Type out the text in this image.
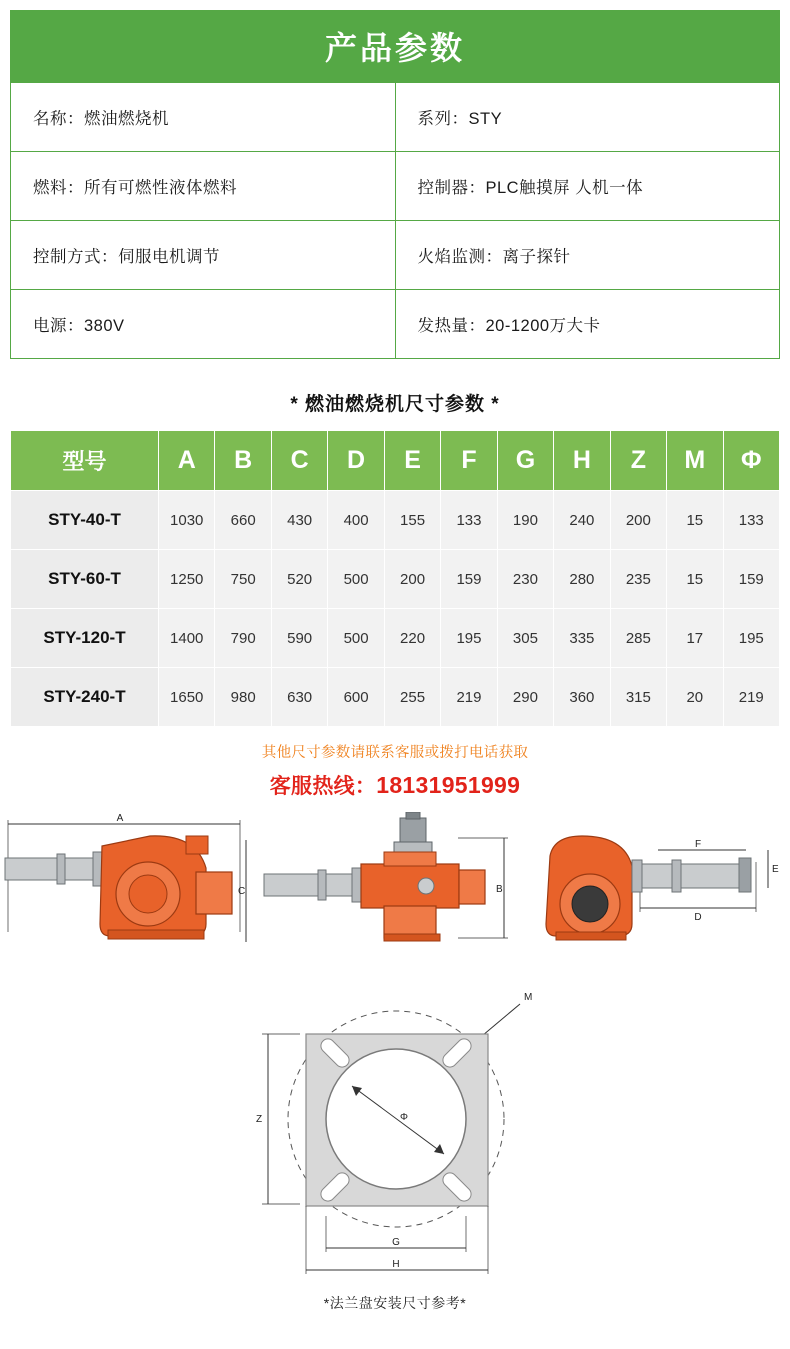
产品参数
名称：燃油燃烧机	系列：STY
燃料：所有可燃性液体燃料	控制器：PLC触摸屏 人机一体
控制方式：伺服电机调节	火焰监测：离子探针
电源：380V	发热量：20-1200万大卡
* 燃油燃烧机尺寸参数 *
型号	A	B	C	D	E	F	G	H	Z	M	Φ
STY-40-T	1030	660	430	400	155	133	190	240	200	15	133
STY-60-T	1250	750	520	500	200	159	230	280	235	15	159
STY-120-T	1400	790	590	500	220	195	305	335	285	17	195
STY-240-T	1650	980	630	600	255	219	290	360	315	20	219
其他尺寸参数请联系客服或拨打电话获取
客服热线：18131951999
A
C	B
F
E
D
M
Z	Φ
G
H
*法兰盘安装尺寸参考*
